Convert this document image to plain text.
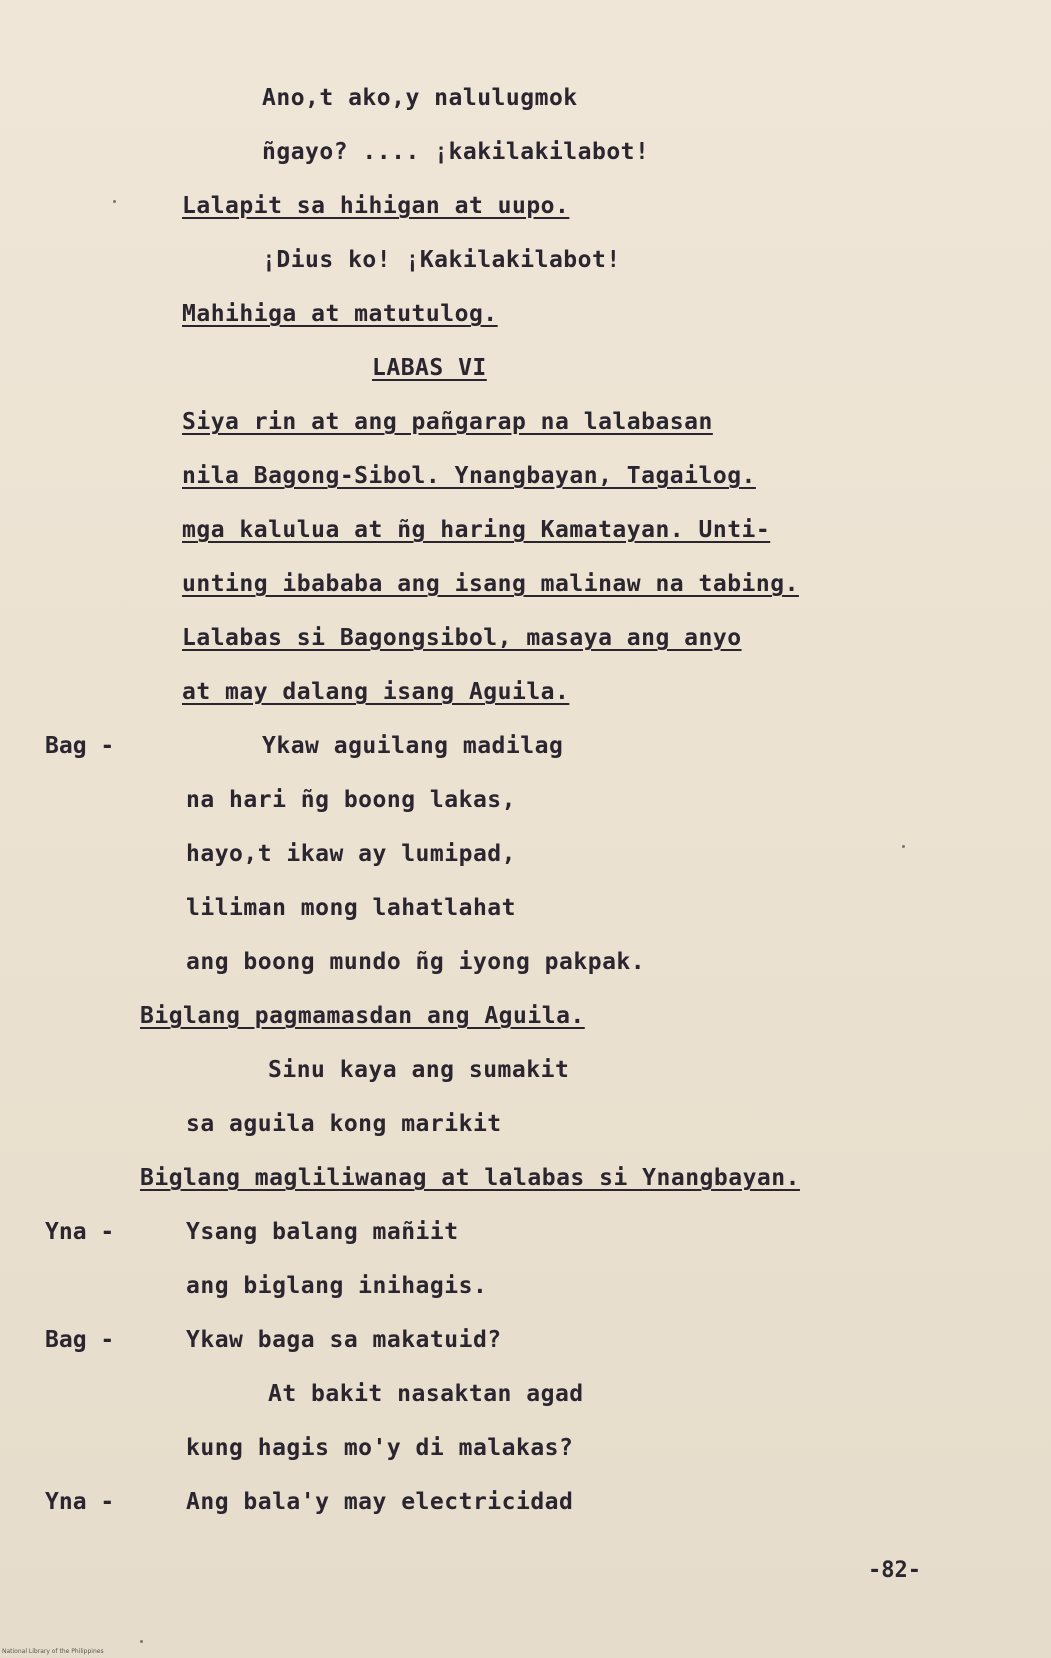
Ano,t ako,y nalulugmok
ñgayo? .... ¡kakilakilabot!
Lalapit sa hihigan at uupo.
¡Dius ko! ¡Kakilakilabot!
Mahihiga at matutulog.
LABAS VI
Siya rin at ang pañgarap na lalabasan
nila Bagong-Sibol. Ynangbayan, Tagailog.
mga kalulua at ñg haring Kamatayan. Unti-
unting ibababa ang isang malinaw na tabing.
Lalabas si Bagongsibol, masaya ang anyo
at may dalang isang Aguila.
Bag -	Ykaw aguilang madilag
na hari ñg boong lakas,
hayo,t ikaw ay lumipad,
liliman mong lahatlahat
ang boong mundo ñg iyong pakpak.
Biglang pagmamasdan ang Aguila.
Sinu kaya ang sumakit
sa aguila kong marikit
Biglang magliliwanag at lalabas si Ynangbayan.
Yna -	Ysang balang mañiit
ang biglang inihagis.
Bag -	Ykaw baga sa makatuid?
At bakit nasaktan agad
kung hagis mo'y di malakas?
Yna -	Ang bala'y may electricidad
-82-
National Library of the Philippines
